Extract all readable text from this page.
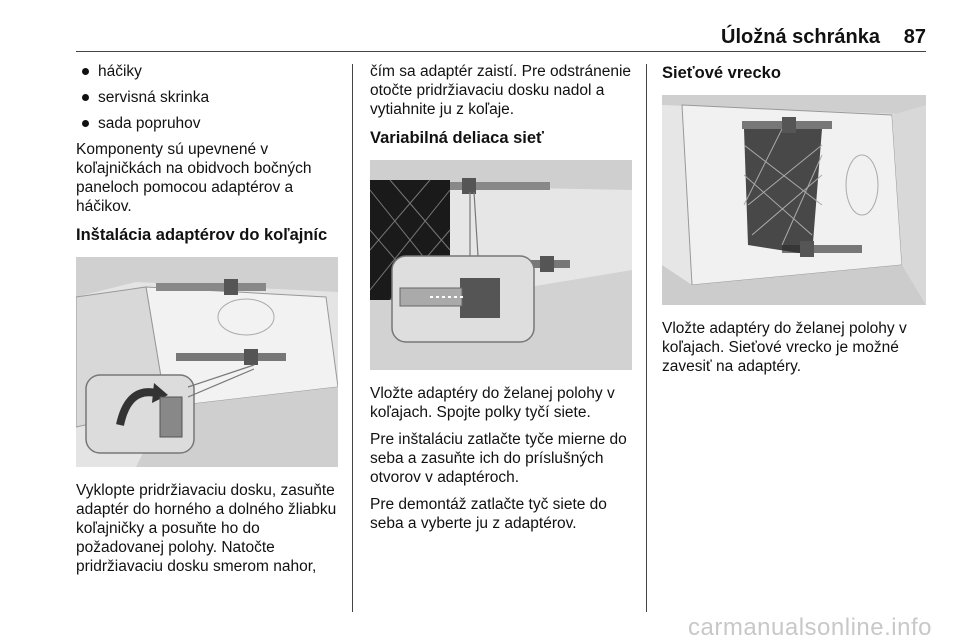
Úložná schránka 87
háčiky
servisná skrinka
sada popruhov

Komponenty sú upevnené v koľajničkách na obidvoch bočných paneloch pomocou adaptérov a háčikov.

Inštalácia adaptérov do koľajníc

Vyklopte pridržiavaciu dosku, zasuňte adaptér do horného a dolného žliabku koľajničky a posuňte ho do požadovanej polohy. Natočte pridržiavaciu dosku smerom nahor,

čím sa adaptér zaistí. Pre odstránenie otočte pridržiavaciu dosku nadol a vytiahnite ju z koľaje.

Variabilná deliaca sieť

Vložte adaptéry do želanej polohy v koľajach. Spojte polky tyčí siete.

Pre inštaláciu zatlačte tyče mierne do seba a zasuňte ich do príslušných otvorov v adaptéroch.

Pre demontáž zatlačte tyč siete do seba a vyberte ju z adaptérov.

Sieťové vrecko

Vložte adaptéry do želanej polohy v koľajach. Sieťové vrecko je možné zavesiť na adaptéry.

carmanualsonline.info
